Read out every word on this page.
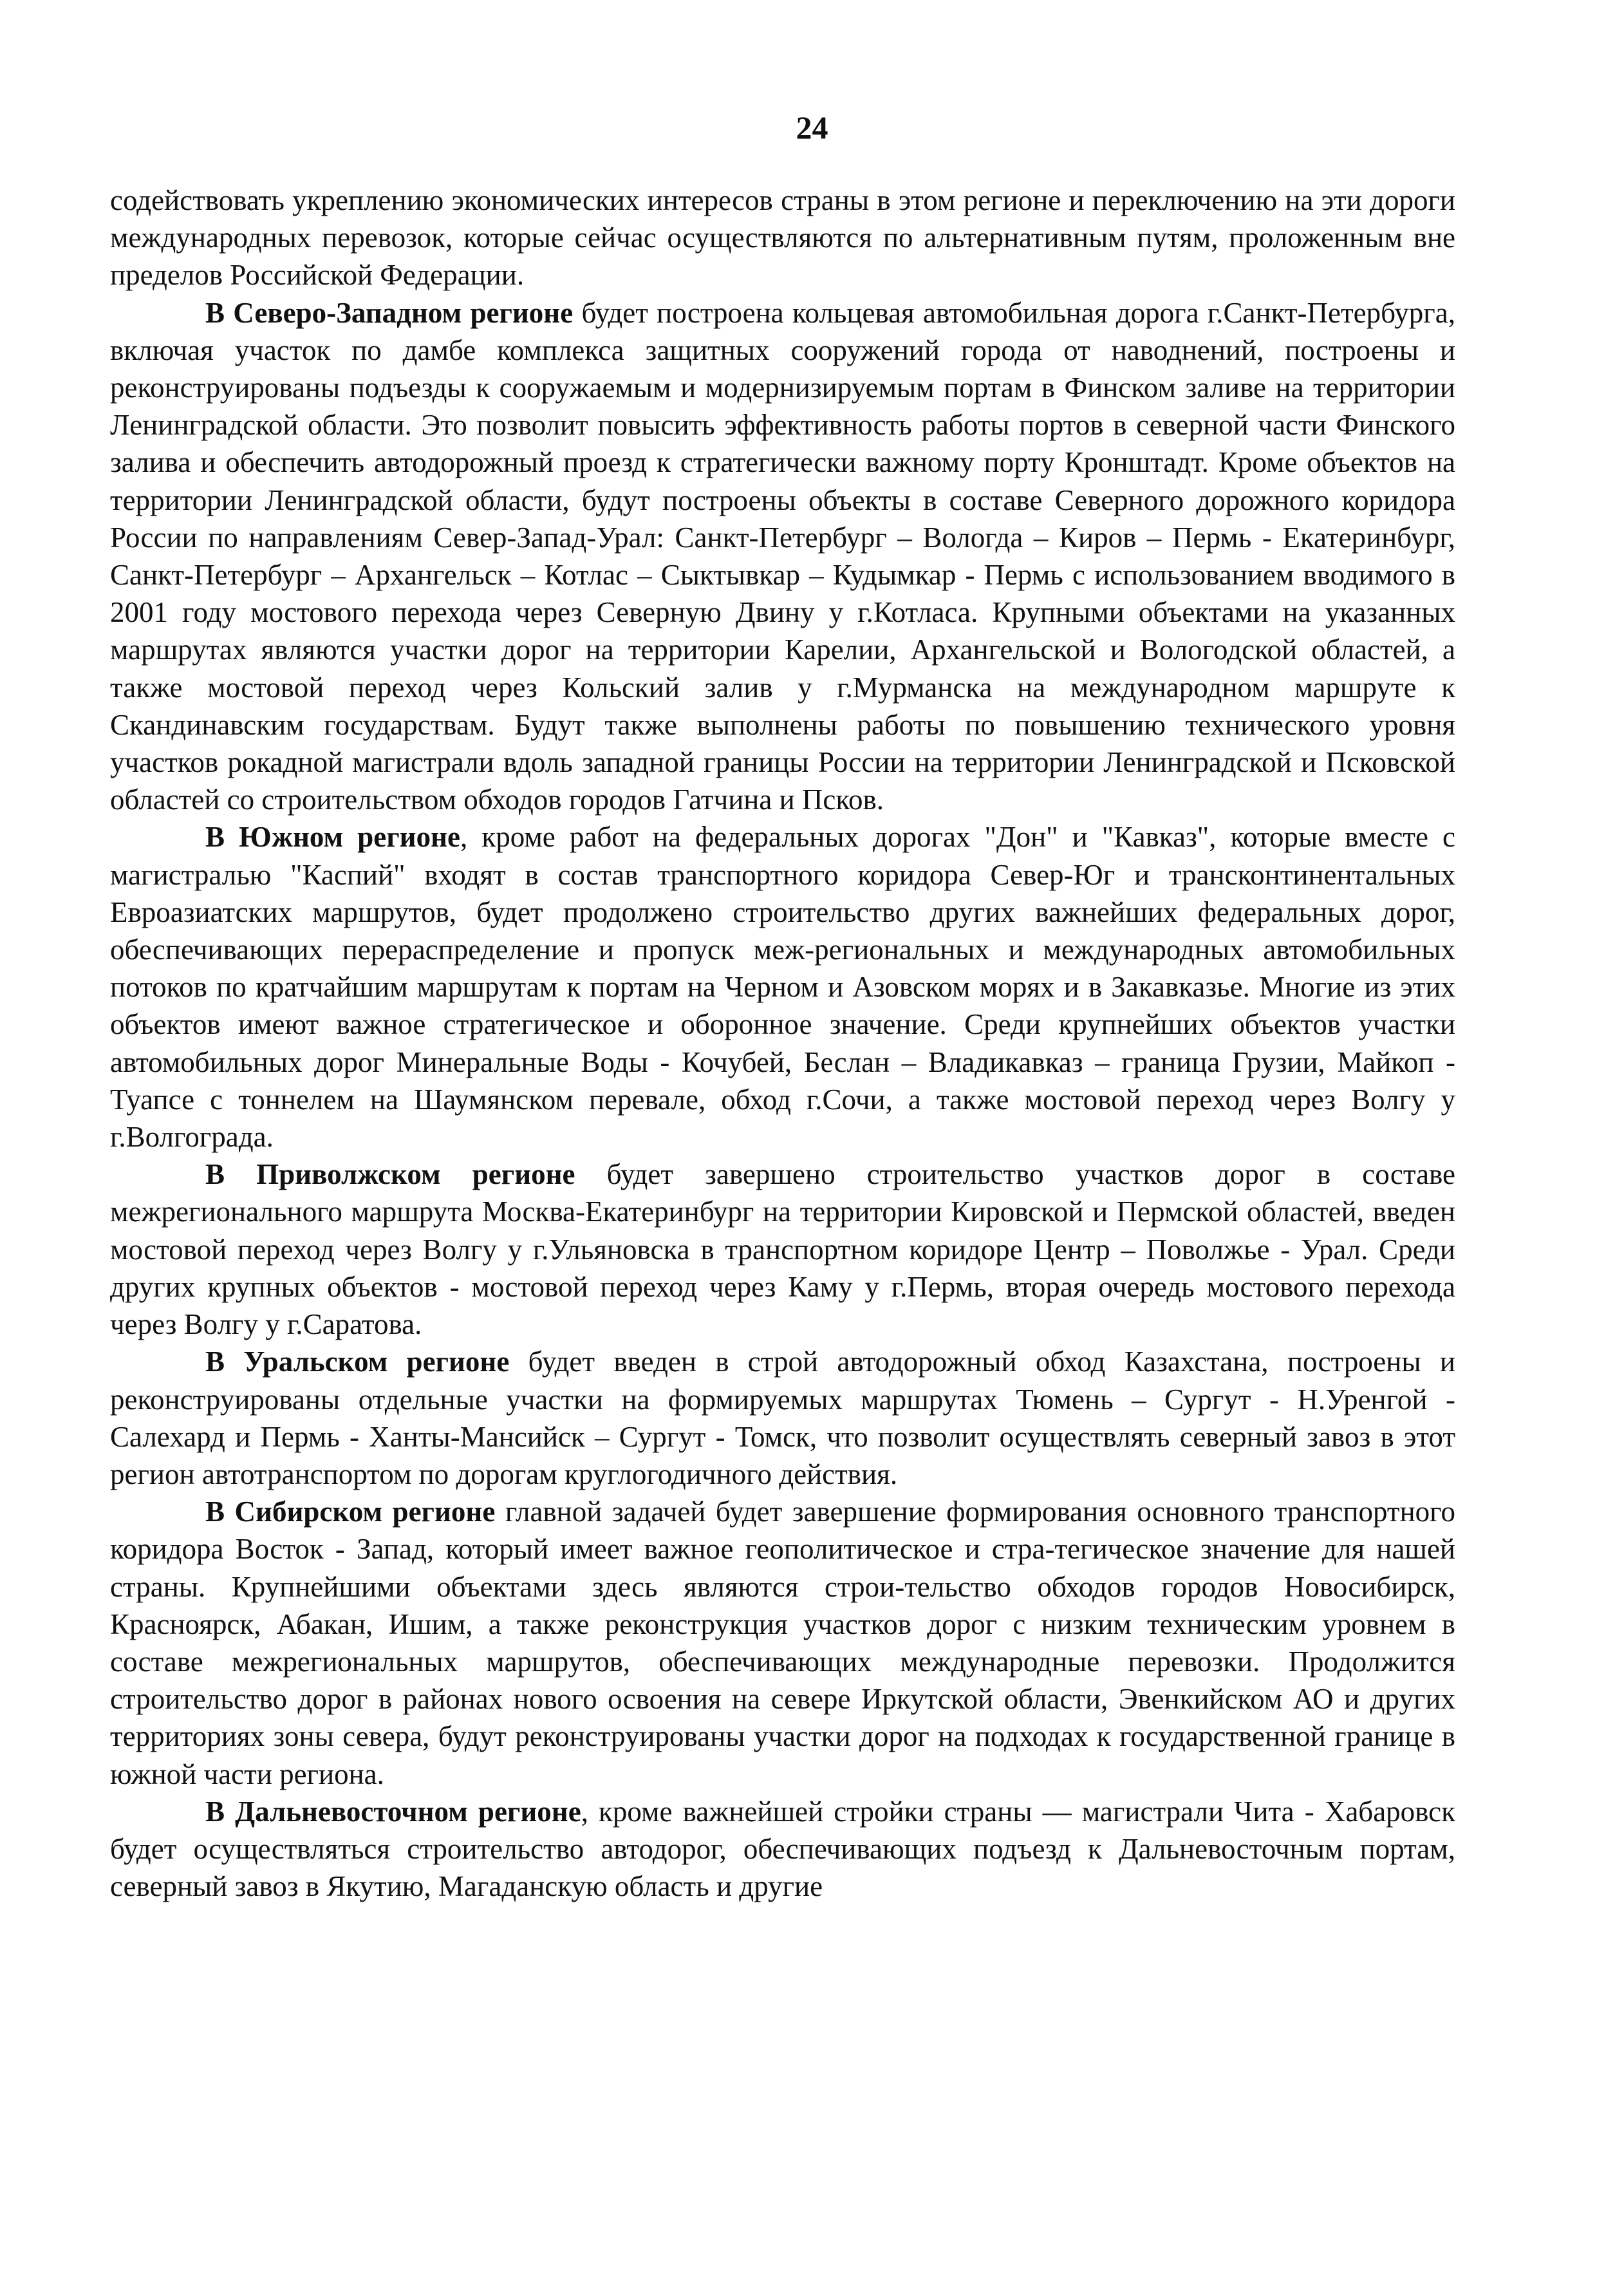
24

содействовать укреплению экономических интересов страны в этом регионе и переключению на эти дороги международных перевозок, которые сейчас осуществляются по альтернативным путям, проложенным вне пределов Российской Федерации.

В Северо-Западном регионе будет построена кольцевая автомобильная дорога г.Санкт-Петербурга, включая участок по дамбе комплекса защитных сооружений города от наводнений, построены и реконструированы подъезды к сооружаемым и модернизируемым портам в Финском заливе на территории Ленинградской области. Это позволит повысить эффективность работы портов в северной части Финского залива и обеспечить автодорожный проезд к стратегически важному порту Кронштадт. Кроме объектов на территории Ленинградской области, будут построены объекты в составе Северного дорожного коридора России по направлениям Север-Запад-Урал: Санкт-Петербург – Вологда – Киров – Пермь - Екатеринбург, Санкт-Петербург – Архангельск – Котлас – Сыктывкар – Кудымкар - Пермь с использованием вводимого в 2001 году мостового перехода через Северную Двину у г.Котласа. Крупными объектами на указанных маршрутах являются участки дорог на территории Карелии, Архангельской и Вологодской областей, а также мостовой переход через Кольский залив у г.Мурманска на международном маршруте к Скандинавским государствам. Будут также выполнены работы по повышению технического уровня участков рокадной магистрали вдоль западной границы России на территории Ленинградской и Псковской областей со строительством обходов городов Гатчина и Псков.

В Южном регионе, кроме работ на федеральных дорогах "Дон" и "Кавказ", которые вместе с магистралью "Каспий" входят в состав транспортного коридора Север-Юг и трансконтинентальных Евроазиатских маршрутов, будет продолжено строительство других важнейших федеральных дорог, обеспечивающих перераспределение и пропуск меж-региональных и международных автомобильных потоков по кратчайшим маршрутам к портам на Черном и Азовском морях и в Закавказье. Многие из этих объектов имеют важное стратегическое и оборонное значение. Среди крупнейших объектов участки автомобильных дорог Минеральные Воды - Кочубей, Беслан – Владикавказ – граница Грузии, Майкоп - Туапсе с тоннелем на Шаумянском перевале, обход г.Сочи, а также мостовой переход через Волгу у г.Волгограда.

В Приволжском регионе будет завершено строительство участков дорог в составе межрегионального маршрута Москва-Екатеринбург на территории Кировской и Пермской областей, введен мостовой переход через Волгу у г.Ульяновска в транспортном коридоре Центр – Поволжье - Урал. Среди других крупных объектов - мостовой переход через Каму у г.Пермь, вторая очередь мостового перехода через Волгу у г.Саратова.

В Уральском регионе будет введен в строй автодорожный обход Казахстана, построены и реконструированы отдельные участки на формируемых маршрутах Тюмень – Сургут - Н.Уренгой - Салехард и Пермь - Ханты-Мансийск – Сургут - Томск, что позволит осуществлять северный завоз в этот регион автотранспортом по дорогам круглогодичного действия.

В Сибирском регионе главной задачей будет завершение формирования основного транспортного коридора Восток - Запад, который имеет важное геополитическое и стра-тегическое значение для нашей страны. Крупнейшими объектами здесь являются строи-тельство обходов городов Новосибирск, Красноярск, Абакан, Ишим, а также реконструкция участков дорог с низким техническим уровнем в составе межрегиональных маршрутов, обеспечивающих международные перевозки. Продолжится строительство дорог в районах нового освоения на севере Иркутской области, Эвенкийском АО и других территориях зоны севера, будут реконструированы участки дорог на подходах к государственной границе в южной части региона.

В Дальневосточном регионе, кроме важнейшей стройки страны — магистрали Чита - Хабаровск будет осуществляться строительство автодорог, обеспечивающих подъезд к Дальневосточным портам, северный завоз в Якутию, Магаданскую область и другие
